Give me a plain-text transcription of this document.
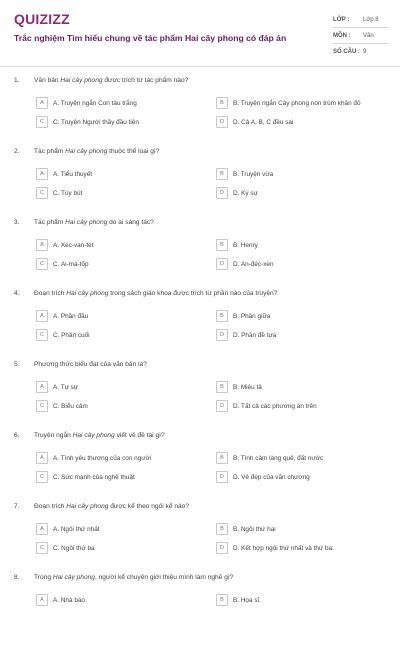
QUIZIZZ
Trắc nghiệm Tìm hiểu chung về tác phẩm Hai cây phong có đáp án
LỚP :	Lớp 8
MÔN :	Văn
SỐ CÂU : 9
1.	Văn bản Hai cây phong được trích từ tác phẩm nào?
A	A. Truyện ngắn Con tàu trắng	B	B. Truyện ngắn Cây phong non trùm khăn đỏ
C	C. Truyện Người thầy đầu tiên	D	D. Cả A, B, C đều sai
2.	Tác phẩm Hai cây phong thuộc thể loại gì?
A	A. Tiểu thuyết	B	B. Truyện vừa
C	C. Tùy bút	D	D. Ký sự
3.	Tác phẩm Hai cây phong do ai sáng tác?
A	A. Xéc-van-tét	B	B. Henry
C	C. Ai-ma-tốp	D	D. An-đéc-xen
4.	Đoạn trích Hai cây phong trong sách giáo khoa được trích từ phần nào của truyện?
A	A. Phần đầu	B	B. Phần giữa
C	C. Phần cuối	D	D. Phần đề tựa
5.	Phương thức biểu đạt của văn bản là?
A	A. Tự sự	B	B. Miêu tả
C	C. Biểu cảm	D	D. Tất cả các phương án trên
6.	Truyện ngắn Hai cây phong viết về đề tài gì?
A	A. Tình yêu thương của con người	B	B. Tình cảm làng quê, đất nước
C	C. Sức mạnh của nghệ thuật	D	D. Vẻ đẹp của văn chương
7.	Đoạn trích Hai cây phong được kể theo ngôi kể nào?
A	A. Ngôi thứ nhất	B	B. Ngôi thứ hai
C	C. Ngôi thứ ba	D	D. Kết hợp ngôi thứ nhất và thứ ba.
8.	Trong Hai cây phong, người kể chuyện giới thiệu mình làm nghề gì?
A	A. Nhà báo.	B	B. Họa sĩ.
